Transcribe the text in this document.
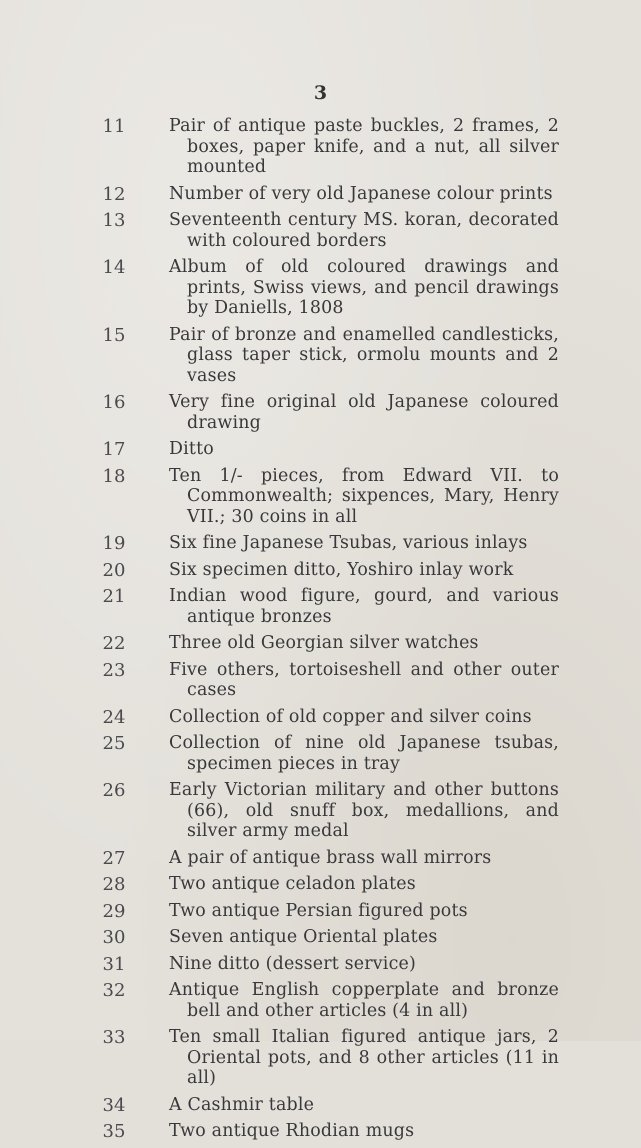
3
11	Pair of antique paste buckles, 2 frames, 2 boxes, paper knife, and a nut, all silver mounted
12	Number of very old Japanese colour prints
13	Seventeenth century MS. koran, decorated with coloured borders
14	Album of old coloured drawings and prints, Swiss views, and pencil drawings by Daniells, 1808
15	Pair of bronze and enamelled candlesticks, glass taper stick, ormolu mounts and 2 vases
16	Very fine original old Japanese coloured drawing
17	Ditto
18	Ten 1/- pieces, from Edward VII. to Commonwealth; sixpences, Mary, Henry VII.; 30 coins in all
19	Six fine Japanese Tsubas, various inlays
20	Six specimen ditto, Yoshiro inlay work
21	Indian wood figure, gourd, and various antique bronzes
22	Three old Georgian silver watches
23	Five others, tortoiseshell and other outer cases
24	Collection of old copper and silver coins
25	Collection of nine old Japanese tsubas, specimen pieces in tray
26	Early Victorian military and other buttons (66), old snuff box, medallions, and silver army medal
27	A pair of antique brass wall mirrors
28	Two antique celadon plates
29	Two antique Persian figured pots
30	Seven antique Oriental plates
31	Nine ditto (dessert service)
32	Antique English copperplate and bronze bell and other articles (4 in all)
33	Ten small Italian figured antique jars, 2 Oriental pots, and 8 other articles (11 in all)
34	A Cashmir table
35	Two antique Rhodian mugs
